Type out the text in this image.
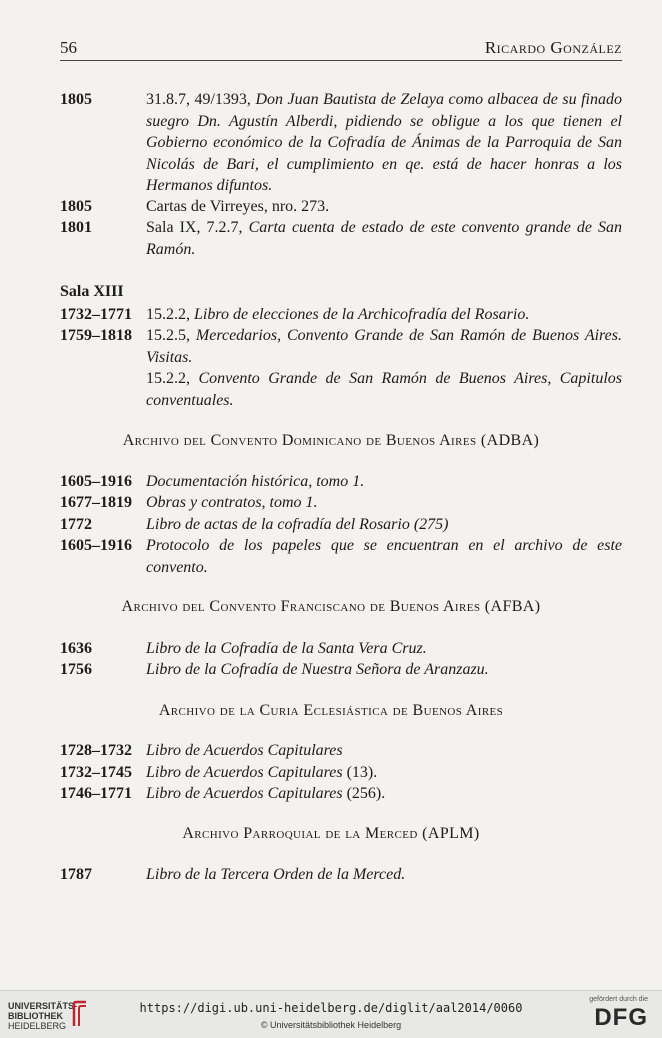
56	Ricardo González
1805	31.8.7, 49/1393, Don Juan Bautista de Zelaya como albacea de su finado suegro Dn. Agustín Alberdi, pidiendo se obligue a los que tienen el Gobierno económico de la Cofradía de Ánimas de la Parroquia de San Nicolás de Bari, el cumplimiento en qe. está de hacer honras a los Hermanos difuntos.
1805	Cartas de Virreyes, nro. 273.
1801	Sala IX, 7.2.7, Carta cuenta de estado de este convento grande de San Ramón.
Sala XIII
1732–1771 15.2.2, Libro de elecciones de la Archicofradía del Rosario.
1759–1818 15.2.5, Mercedarios, Convento Grande de San Ramón de Buenos Aires. Visitas.
15.2.2, Convento Grande de San Ramón de Buenos Aires, Capitulos conventuales.
Archivo del Convento Dominicano de Buenos Aires (ADBA)
1605–1916 Documentación histórica, tomo 1.
1677–1819 Obras y contratos, tomo 1.
1772	Libro de actas de la cofradía del Rosario (275)
1605–1916 Protocolo de los papeles que se encuentran en el archivo de este convento.
Archivo del Convento Franciscano de Buenos Aires (AFBA)
1636	Libro de la Cofradía de la Santa Vera Cruz.
1756	Libro de la Cofradía de Nuestra Señora de Aranzazu.
Archivo de la Curia Eclesiástica de Buenos Aires
1728–1732 Libro de Acuerdos Capitulares
1732–1745 Libro de Acuerdos Capitulares (13).
1746–1771 Libro de Acuerdos Capitulares (256).
Archivo Parroquial de la Merced (APLM)
1787	Libro de la Tercera Orden de la Merced.
UNIVERSITÄTS-
BIBLIOTHEK
HEIDELBERG
https://digi.ub.uni-heidelberg.de/diglit/aal2014/0060
© Universitätsbibliothek Heidelberg
gefördert durch die
DFG
